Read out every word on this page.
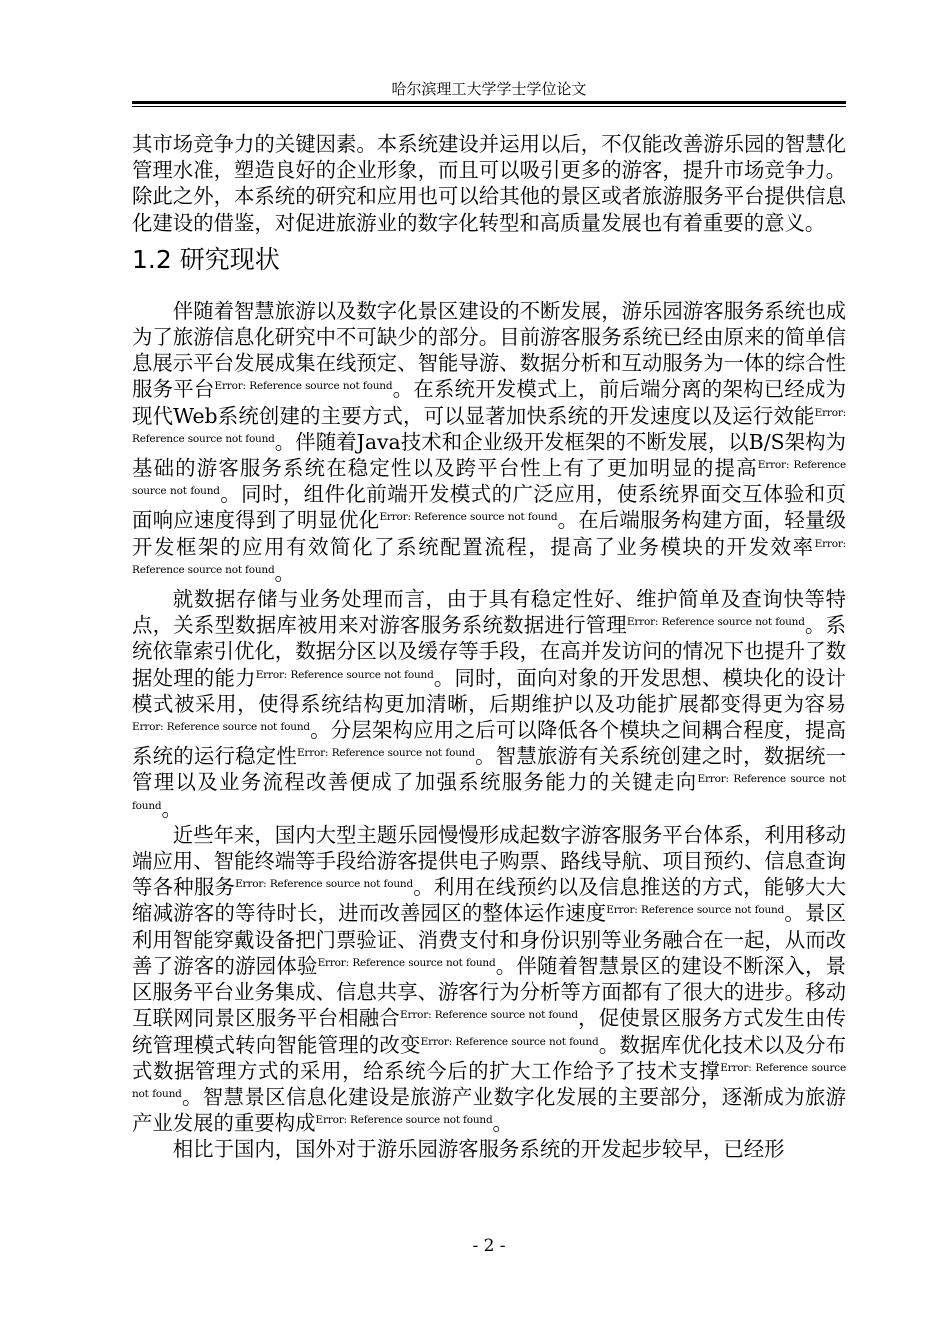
哈尔滨理工大学学士学位论文

其市场竞争力的关键因素。本系统建设并运用以后，不仅能改善游乐园的智慧化管理水准，塑造良好的企业形象，而且可以吸引更多的游客，提升市场竞争力。除此之外，本系统的研究和应用也可以给其他的景区或者旅游服务平台提供信息化建设的借鉴，对促进旅游业的数字化转型和高质量发展也有着重要的意义。

1.2 研究现状

伴随着智慧旅游以及数字化景区建设的不断发展，游乐园游客服务系统也成为了旅游信息化研究中不可缺少的部分。目前游客服务系统已经由原来的简单信息展示平台发展成集在线预定、智能导游、数据分析和互动服务为一体的综合性服务平台$^{Error: Reference source not found}$。在系统开发模式上，前后端分离的架构已经成为现代Web系统创建的主要方式，可以显著加快系统的开发速度以及运行效能$^{Error: Reference source not found}$。伴随着Java技术和企业级开发框架的不断发展，以B/S架构为基础的游客服务系统在稳定性以及跨平台性上有了更加明显的提高$^{Error: Reference source not found}$。同时，组件化前端开发模式的广泛应用，使系统界面交互体验和页面响应速度得到了明显优化$^{Error: Reference source not found}$。在后端服务构建方面，轻量级开发框架的应用有效简化了系统配置流程，提高了业务模块的开发效率$^{Error: Reference source not found}$。

就数据存储与业务处理而言，由于具有稳定性好、维护简单及查询快等特点，关系型数据库被用来对游客服务系统数据进行管理$^{Error: Reference source not found}$。系统依靠索引优化，数据分区以及缓存等手段，在高并发访问的情况下也提升了数据处理的能力$^{Error: Reference source not found}$。同时，面向对象的开发思想、模块化的设计模式被采用，使得系统结构更加清晰，后期维护以及功能扩展都变得更为容易$^{Error: Reference source not found}$。分层架构应用之后可以降低各个模块之间耦合程度，提高系统的运行稳定性$^{Error: Reference source not found}$。智慧旅游有关系统创建之时，数据统一管理以及业务流程改善便成了加强系统服务能力的关键走向$^{Error: Reference source not found}$。

近些年来，国内大型主题乐园慢慢形成起数字游客服务平台体系，利用移动端应用、智能终端等手段给游客提供电子购票、路线导航、项目预约、信息查询等各种服务$^{Error: Reference source not found}$。利用在线预约以及信息推送的方式，能够大大缩减游客的等待时长，进而改善园区的整体运作速度$^{Error: Reference source not found}$。景区利用智能穿戴设备把门票验证、消费支付和身份识别等业务融合在一起，从而改善了游客的游园体验$^{Error: Reference source not found}$。伴随着智慧景区的建设不断深入，景区服务平台业务集成、信息共享、游客行为分析等方面都有了很大的进步。移动互联网同景区服务平台相融合$^{Error: Reference source not found}$，促使景区服务方式发生由传统管理模式转向智能管理的改变$^{Error: Reference source not found}$。数据库优化技术以及分布式数据管理方式的采用，给系统今后的扩大工作给予了技术支撑$^{Error: Reference source not found}$。智慧景区信息化建设是旅游产业数字化发展的主要部分，逐渐成为旅游产业发展的重要构成$^{Error: Reference source not found}$。

相比于国内，国外对于游乐园游客服务系统的开发起步较早，已经形

- 2 -
